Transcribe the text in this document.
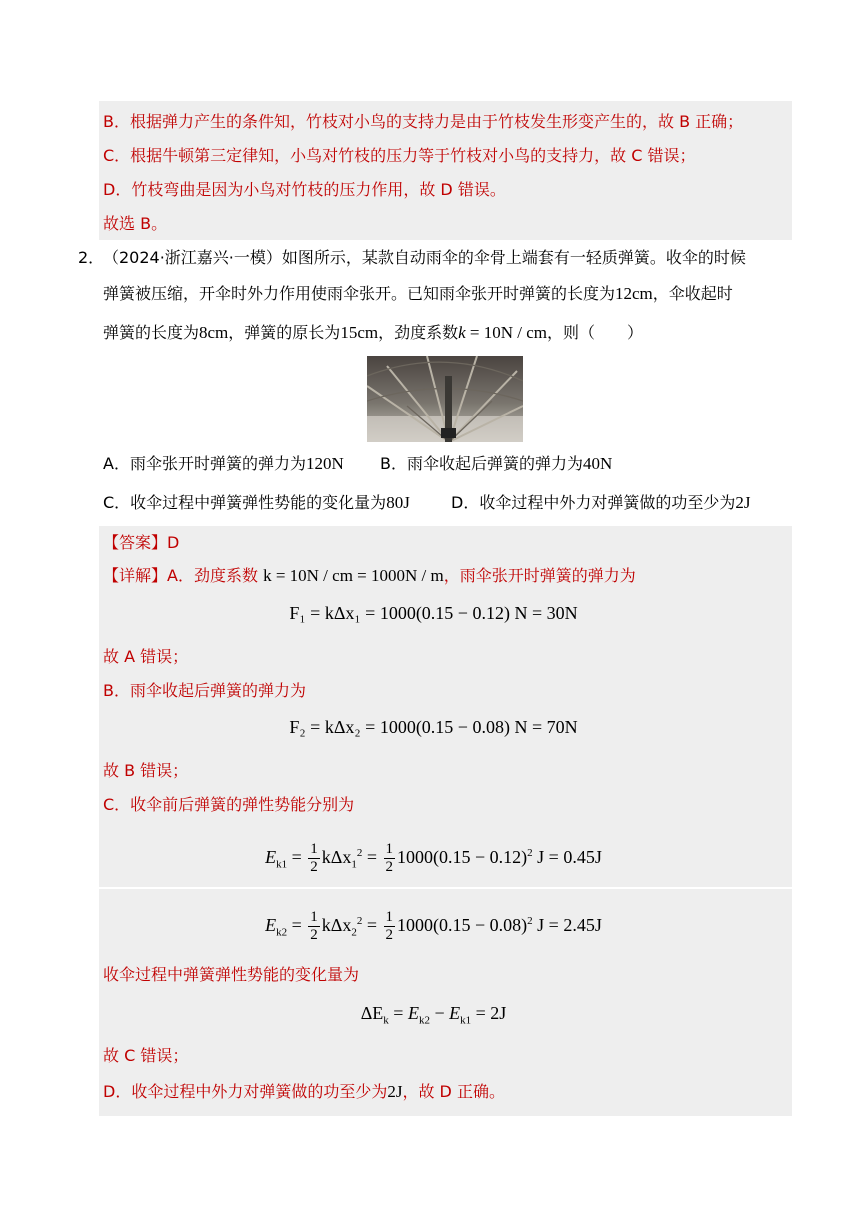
B．根据弹力产生的条件知，竹枝对小鸟的支持力是由于竹枝发生形变产生的，故 B 正确；
C．根据牛顿第三定律知，小鸟对竹枝的压力等于竹枝对小鸟的支持力，故 C 错误；
D．竹枝弯曲是因为小鸟对竹枝的压力作用，故 D 错误。
故选 B。
2．
（2024·浙江嘉兴·一模）如图所示，某款自动雨伞的伞骨上端套有一轻质弹簧。收伞的时候
弹簧被压缩，开伞时外力作用使雨伞张开。已知雨伞张开时弹簧的长度为12cm，伞收起时
弹簧的长度为8cm，弹簧的原长为15cm，劲度系数k = 10N / cm，则（　　）
A．雨伞张开时弹簧的弹力为120N B．雨伞收起后弹簧的弹力为40N
C．收伞过程中弹簧弹性势能的变化量为80J	D．收伞过程中外力对弹簧做的功至少为2J
【答案】D
【详解】A．劲度系数 k = 10N / cm = 1000N / m，雨伞张开时弹簧的弹力为
F₁ = kΔx₁ = 1000(0.15 − 0.12) N = 30N
故 A 错误；
B．雨伞收起后弹簧的弹力为
F₂ = kΔx₂ = 1000(0.15 − 0.08) N = 70N
故 B 错误；
C．收伞前后弹簧的弹性势能分别为
$E_{k1} = \frac{1}{2} k\Delta x_1^2 = \frac{1}{2} 1000(0.15 - 0.12)^2$ J = 0.45J
$E_{k2} = \frac{1}{2} k\Delta x_2^2 = \frac{1}{2} 1000(0.15 - 0.08)^2$ J = 2.45J
收伞过程中弹簧弹性势能的变化量为
$\Delta E_k = E_{k2} - E_{k1} = 2J$
故 C 错误；
D．收伞过程中外力对弹簧做的功至少为2J，故 D 正确。
